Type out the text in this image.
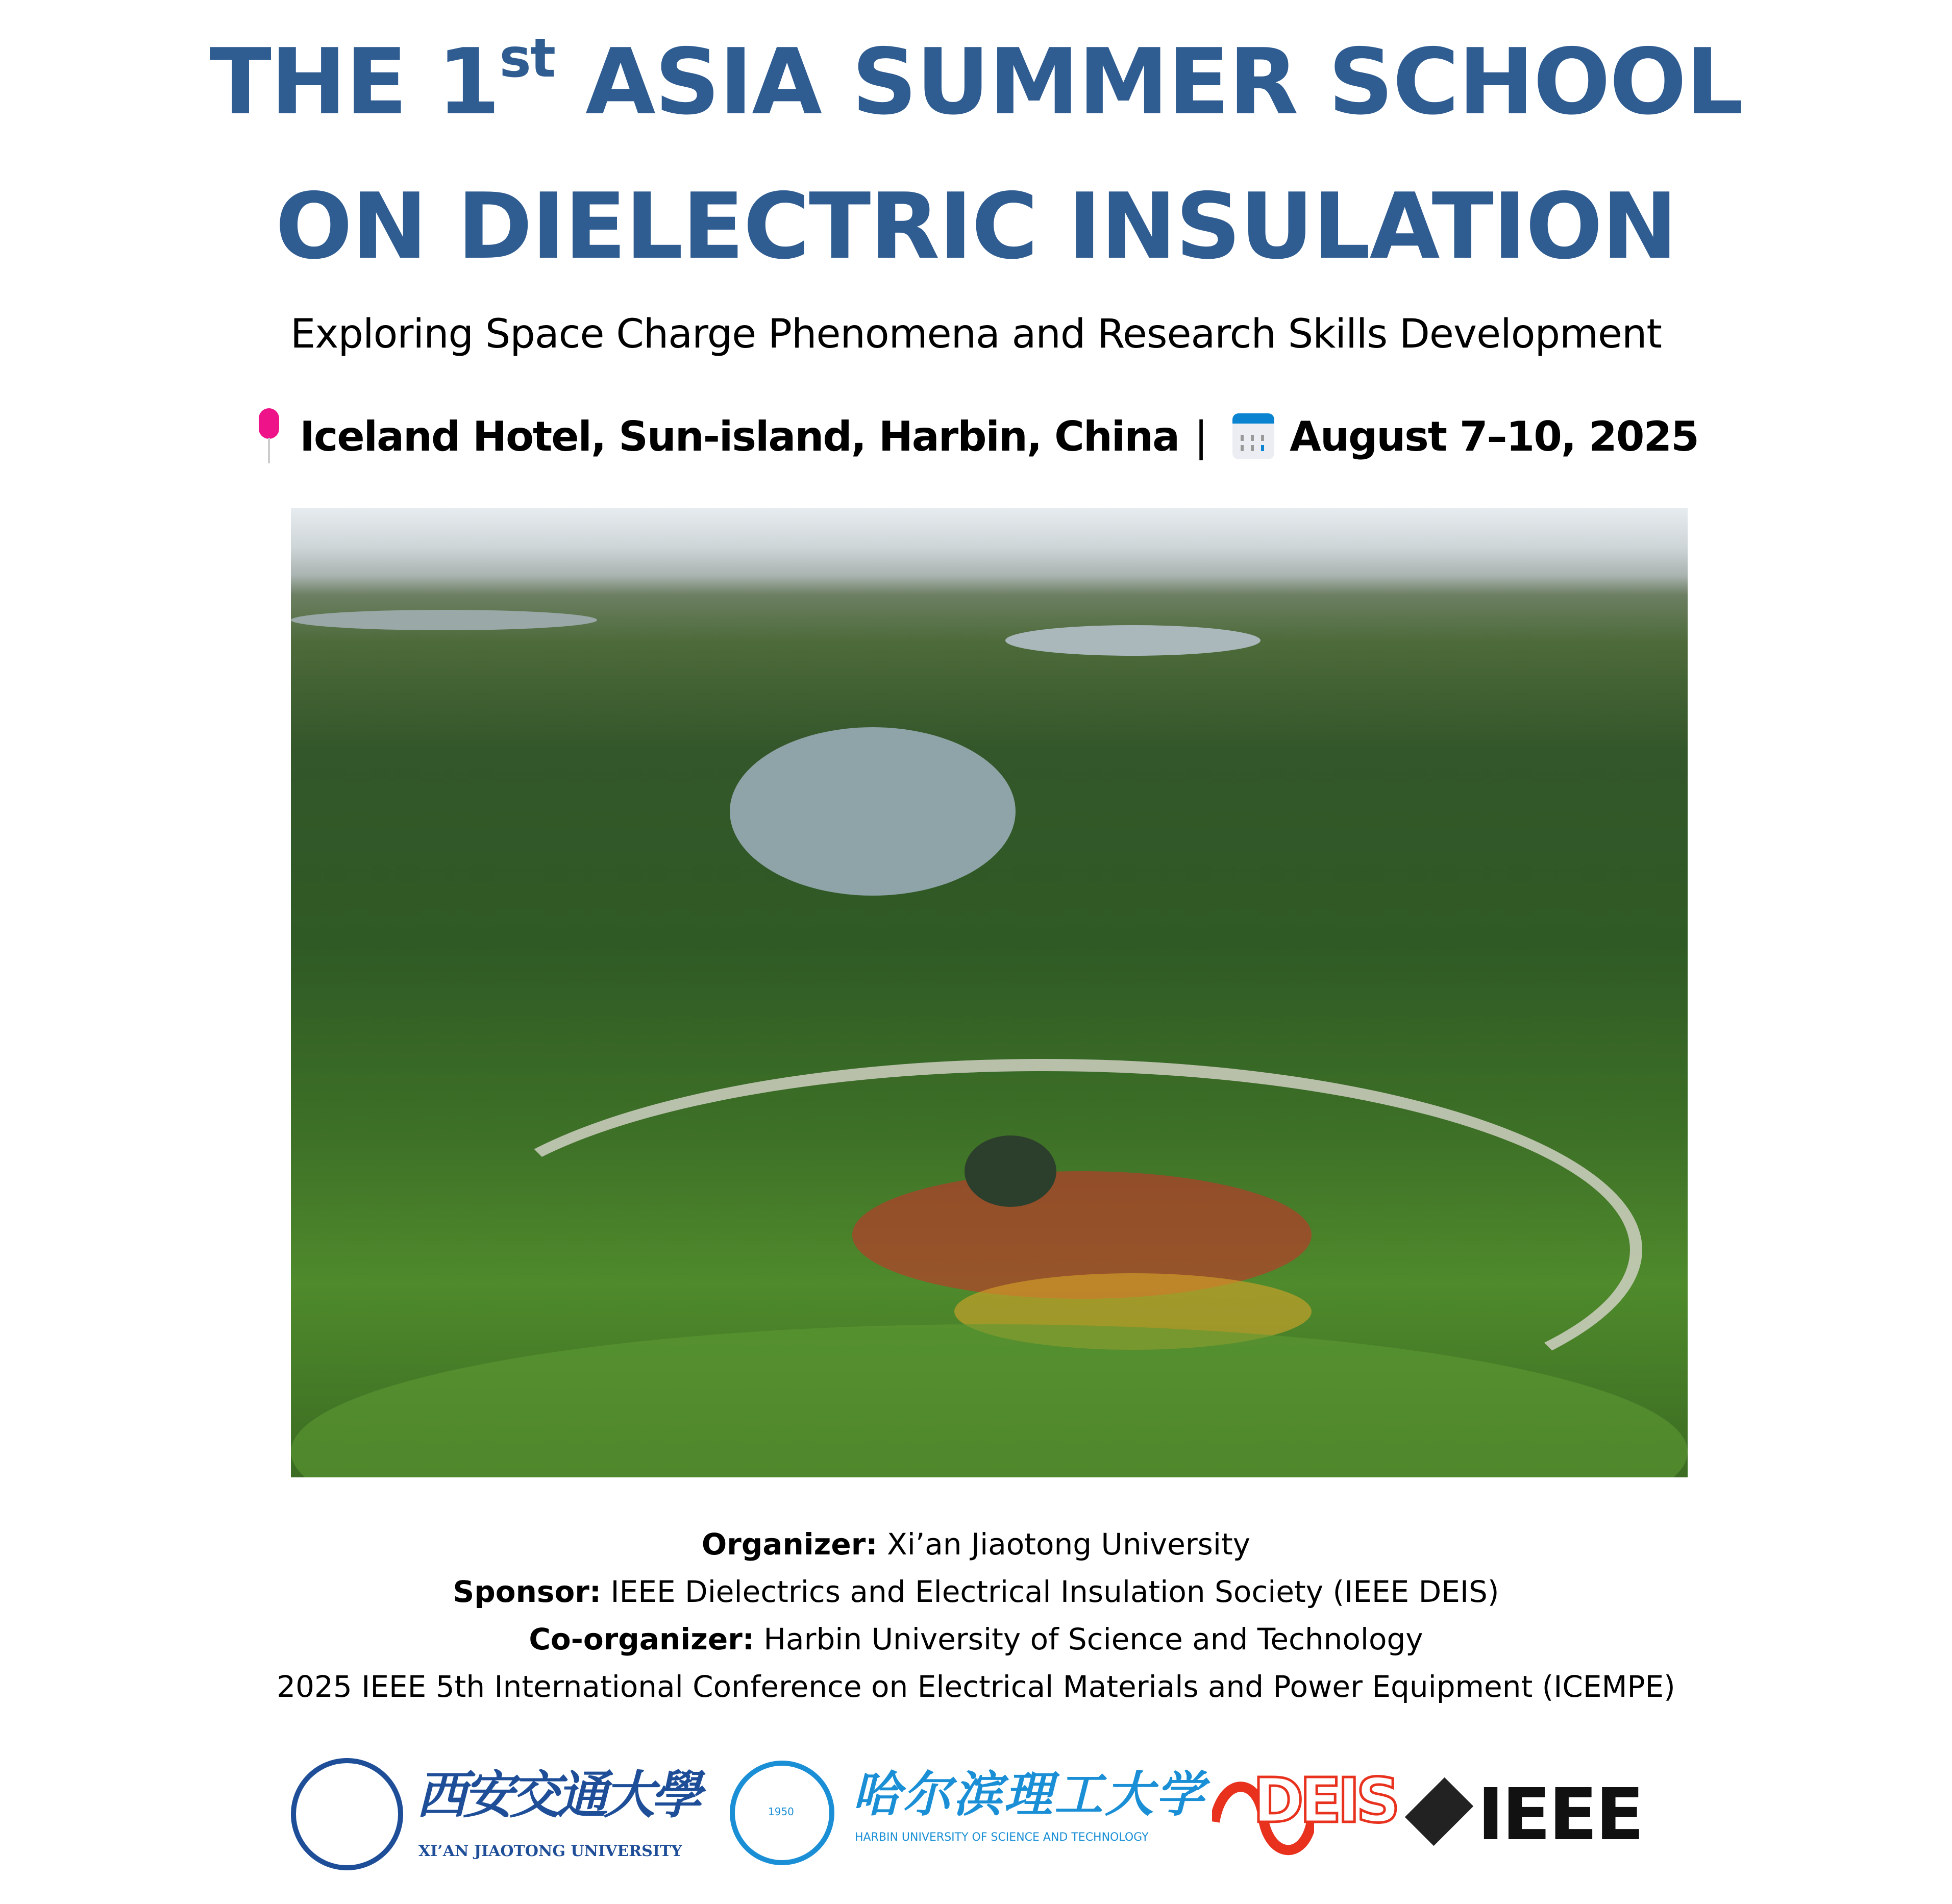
THE 1st ASIA SUMMER SCHOOL
ON DIELECTRIC INSULATION
Exploring Space Charge Phenomena and Research Skills Development
Iceland Hotel, Sun-island, Harbin, China | August 7–10, 2025
Organizer: Xi’an Jiaotong University
Sponsor: IEEE Dielectrics and Electrical Insulation Society (IEEE DEIS)
Co-organizer: Harbin University of Science and Technology
2025 IEEE 5th International Conference on Electrical Materials and Power Equipment (ICEMPE)
西安交通大學
XI’AN JIAOTONG UNIVERSITY
1950 哈尔滨理工大学
HARBIN UNIVERSITY OF SCIENCE AND TECHNOLOGY
DEIS IEEE
